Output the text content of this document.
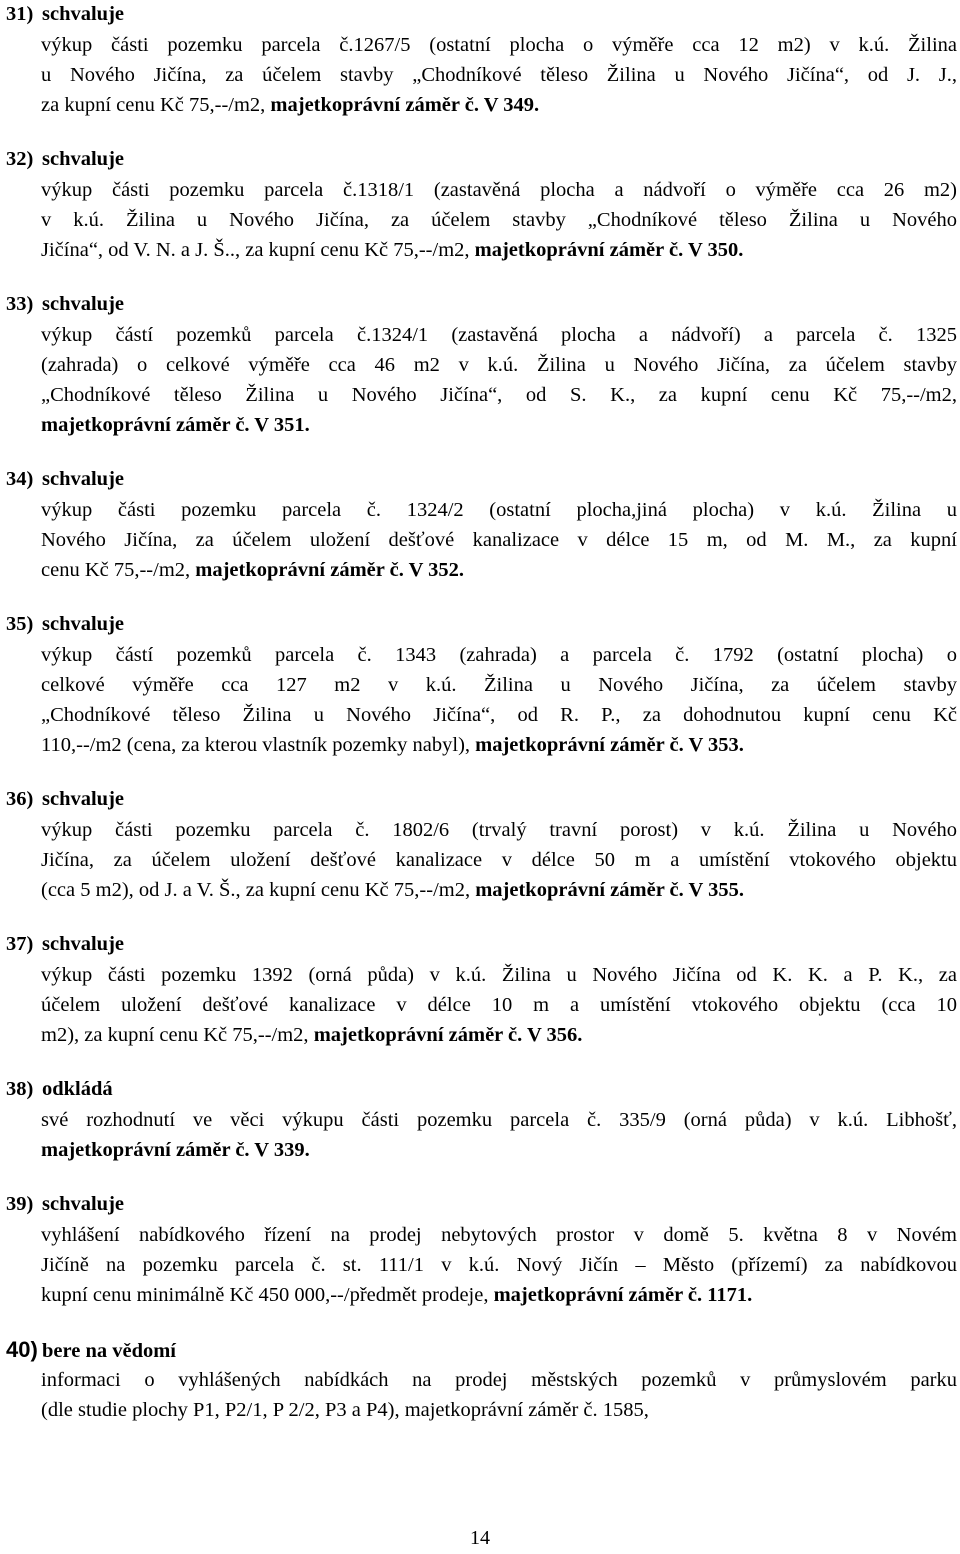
31) schvaluje
výkup části pozemku parcela č.1267/5 (ostatní plocha o výměře cca 12 m2) v k.ú. Žilina
u Nového Jičína, za účelem stavby „Chodníkové těleso Žilina u Nového Jičína“, od J. J.,
za kupní cenu Kč 75,--/m2, majetkoprávní záměr č. V 349.
32) schvaluje
výkup části pozemku parcela č.1318/1 (zastavěná plocha a nádvoří o výměře cca 26 m2)
v k.ú. Žilina u Nového Jičína, za účelem stavby „Chodníkové těleso Žilina u Nového
Jičína“, od V. N. a J. Š.., za kupní cenu Kč 75,--/m2, majetkoprávní záměr č. V 350.
33) schvaluje
výkup částí pozemků parcela č.1324/1 (zastavěná plocha a nádvoří) a parcela č. 1325
(zahrada) o celkové výměře cca 46 m2 v k.ú. Žilina u Nového Jičína, za účelem stavby
„Chodníkové těleso Žilina u Nového Jičína“, od S. K., za kupní cenu Kč 75,--/m2,
majetkoprávní záměr č. V 351.
34) schvaluje
výkup části pozemku parcela č. 1324/2 (ostatní plocha,jiná plocha) v k.ú. Žilina u
Nového Jičína, za účelem uložení dešťové kanalizace v délce 15 m, od M. M., za kupní
cenu Kč 75,--/m2, majetkoprávní záměr č. V 352.
35) schvaluje
výkup částí pozemků parcela č. 1343 (zahrada) a parcela č. 1792 (ostatní plocha) o
celkové výměře cca 127 m2 v k.ú. Žilina u Nového Jičína, za účelem stavby
„Chodníkové těleso Žilina u Nového Jičína“, od R. P., za dohodnutou kupní cenu Kč
110,--/m2 (cena, za kterou vlastník pozemky nabyl), majetkoprávní záměr č. V 353.
36) schvaluje
výkup části pozemku parcela č. 1802/6 (trvalý travní porost) v k.ú. Žilina u Nového
Jičína, za účelem uložení dešťové kanalizace v délce 50 m a umístění vtokového objektu
(cca 5 m2), od J. a V. Š., za kupní cenu Kč 75,--/m2, majetkoprávní záměr č. V 355.
37) schvaluje
výkup části pozemku 1392 (orná půda) v k.ú. Žilina u Nového Jičína od K. K. a P. K., za
účelem uložení dešťové kanalizace v délce 10 m a umístění vtokového objektu (cca 10
m2), za kupní cenu Kč 75,--/m2, majetkoprávní záměr č. V 356.
38) odkládá
své rozhodnutí ve věci výkupu části pozemku parcela č. 335/9 (orná půda) v k.ú. Libhošť,
majetkoprávní záměr č. V 339.
39) schvaluje
vyhlášení nabídkového řízení na prodej nebytových prostor v domě 5. května 8 v Novém
Jičíně na pozemku parcela č. st. 111/1 v k.ú. Nový Jičín – Město (přízemí) za nabídkovou
kupní cenu minimálně Kč 450 000,--/předmět prodeje, majetkoprávní záměr č. 1171.
40) bere na vědomí
informaci o vyhlášených nabídkách na prodej městských pozemků v průmyslovém parku
(dle studie plochy P1, P2/1, P 2/2, P3 a P4), majetkoprávní záměr č. 1585,
14
